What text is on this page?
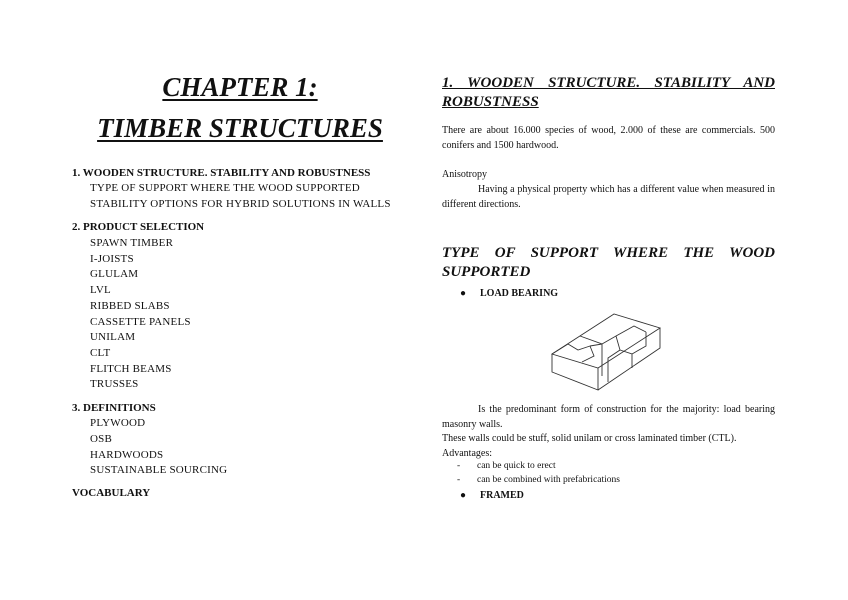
CHAPTER 1:
TIMBER STRUCTURES
1. WOODEN STRUCTURE. STABILITY AND ROBUSTNESS
TYPE OF SUPPORT WHERE THE WOOD SUPPORTED
STABILITY OPTIONS FOR HYBRID SOLUTIONS IN WALLS
2. PRODUCT SELECTION
SPAWN TIMBER
I-JOISTS
GLULAM
LVL
RIBBED SLABS
CASSETTE PANELS
UNILAM
CLT
FLITCH BEAMS
TRUSSES
3. DEFINITIONS
PLYWOOD
OSB
HARDWOODS
SUSTAINABLE SOURCING
VOCABULARY
1. WOODEN STRUCTURE. STABILITY AND ROBUSTNESS
There are about 16.000 species of wood, 2.000 of these are commercials. 500 conifers and 1500 hardwood.
Anisotropy
Having a physical property which has a different value when measured in different directions.
TYPE OF SUPPORT WHERE THE WOOD SUPPORTED
● LOAD BEARING
Is the predominant form of construction for the majority: load bearing masonry walls.
These walls could be stuff, solid unilam or cross laminated timber (CTL).
Advantages:
- can be quick to erect
- can be combined with prefabrications
● FRAMED
